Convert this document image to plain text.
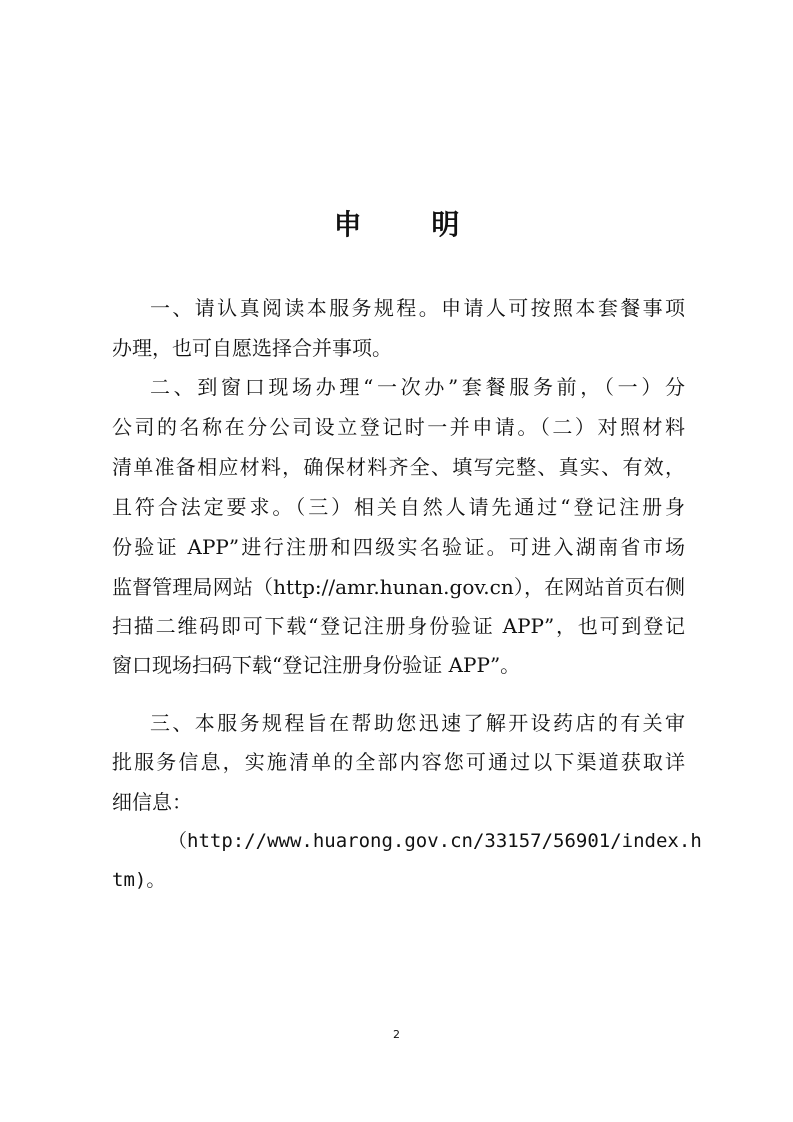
申 明
一、请认真阅读本服务规程。申请人可按照本套餐事项
办理，也可自愿选择合并事项。
二、到窗口现场办理“一次办”套餐服务前，（一）分
公司的名称在分公司设立登记时一并申请。（二）对照材料
清单准备相应材料，确保材料齐全、填写完整、真实、有效，
且符合法定要求。（三）相关自然人请先通过“登记注册身
份验证 APP”进行注册和四级实名验证。可进入湖南省市场
监督管理局网站（http://amr.hunan.gov.cn），在网站首页右侧
扫描二维码即可下载“登记注册身份验证 APP”，也可到登记
窗口现场扫码下载“登记注册身份验证 APP”。
三、本服务规程旨在帮助您迅速了解开设药店的有关审
批服务信息，实施清单的全部内容您可通过以下渠道获取详
细信息：
（http://www.huarong.gov.cn/33157/56901/index.h
tm)。
2
